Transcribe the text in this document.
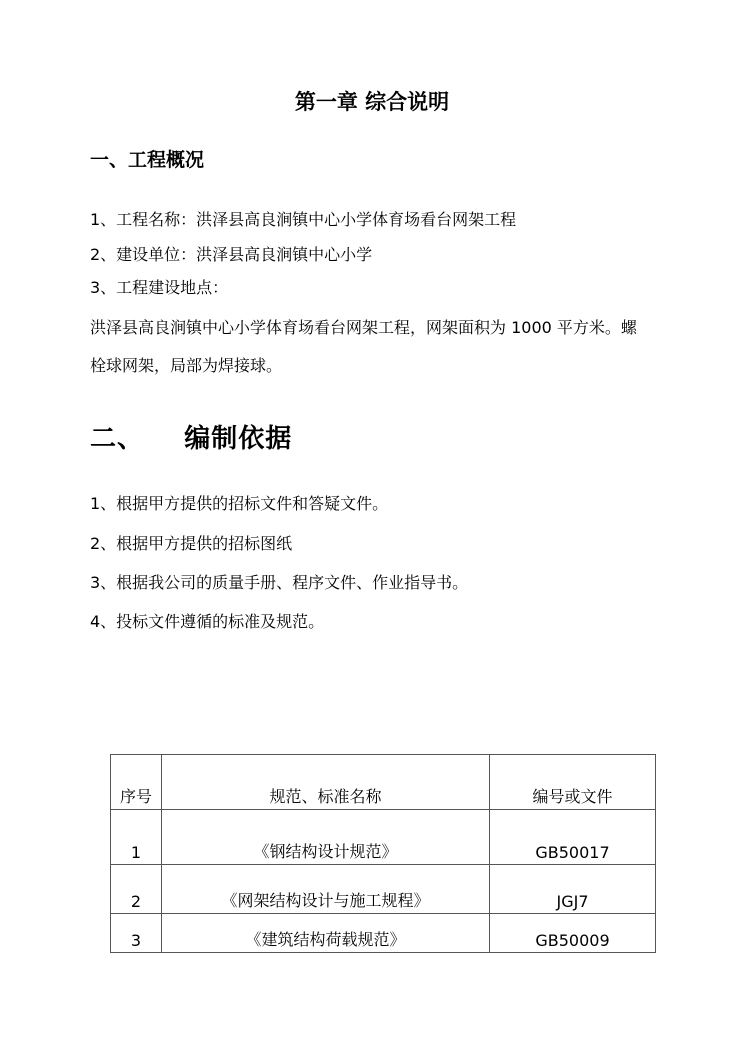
第一章 综合说明
一、工程概况
1、工程名称：洪泽县高良涧镇中心小学体育场看台网架工程
2、建设单位：洪泽县高良涧镇中心小学
3、工程建设地点：
洪泽县高良涧镇中心小学体育场看台网架工程，网架面积为 1000 平方米。螺
栓球网架，局部为焊接球。
二、    编制依据
1、根据甲方提供的招标文件和答疑文件。
2、根据甲方提供的招标图纸
3、根据我公司的质量手册、程序文件、作业指导书。
4、投标文件遵循的标准及规范。
序号	规范、标准名称	编号或文件
1	《钢结构设计规范》	GB50017
2	《网架结构设计与施工规程》	JGJ7
3	《建筑结构荷载规范》	GB50009
